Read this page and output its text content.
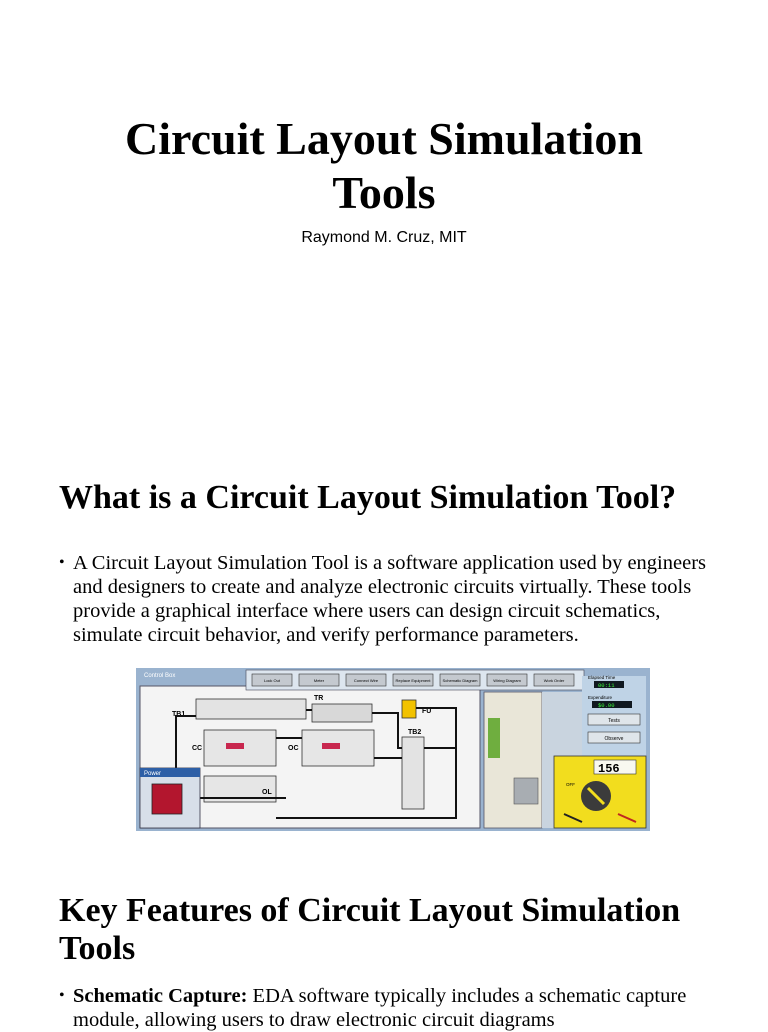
Circuit Layout Simulation
Tools
Raymond M. Cruz, MIT
What is a Circuit Layout Simulation Tool?
• A Circuit Layout Simulation Tool is a software application used by engineers and designers to create and analyze electronic circuits virtually. These tools provide a graphical interface where users can design circuit schematics, simulate circuit behavior, and verify performance parameters.
Control Box
Lock Out	Meter	Connect Wire	Replace Equipment	Schematic Diagram	Wiring Diagram	Work Order
TB1
TR
FU
CC	OC
OL
TB2
Power
Elapsed Time
00:11
Expenditure
$0.00
Tests
Observe
156
OFF
Key Features of Circuit Layout Simulation
Tools
• Schematic Capture: EDA software typically includes a schematic capture module, allowing users to draw electronic circuit diagrams
